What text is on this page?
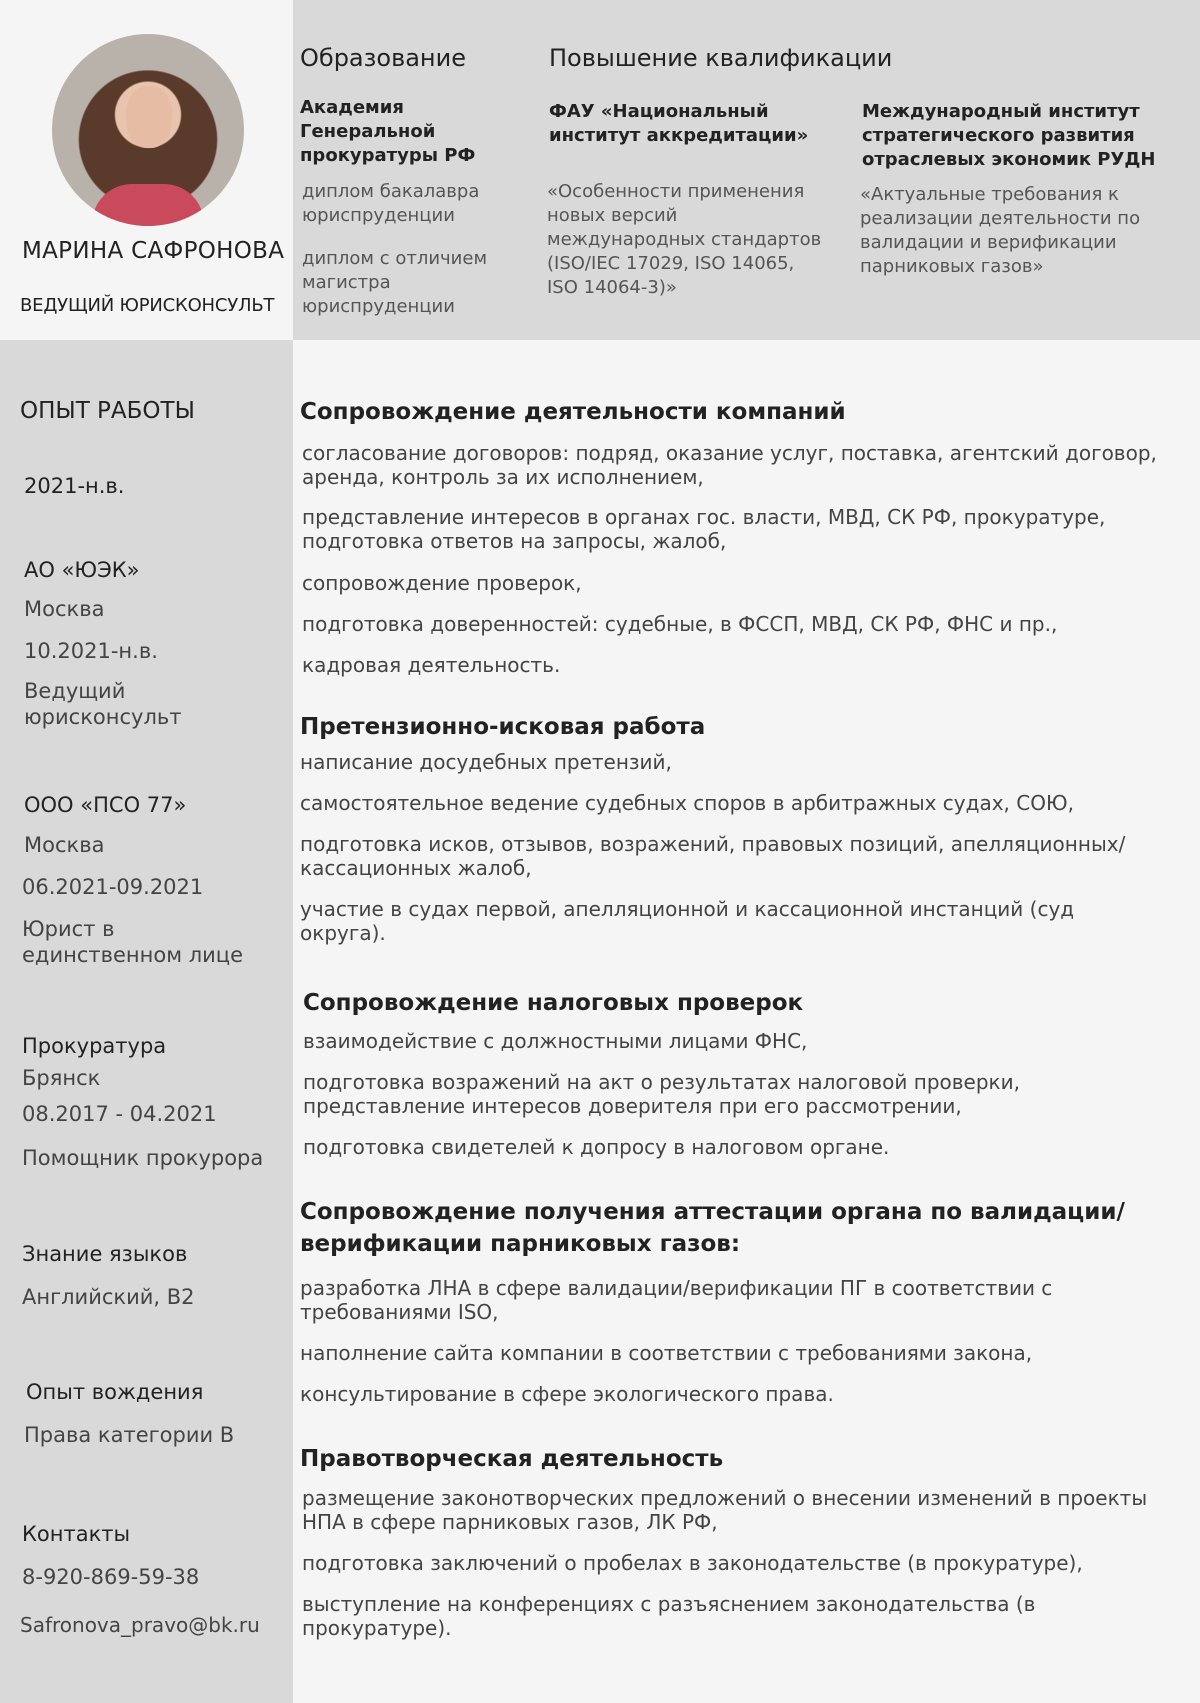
МАРИНА САФРОНОВА
ВЕДУЩИЙ ЮРИСКОНСУЛЬТ
Образование
Академия Генеральной прокуратуры РФ
диплом бакалавра юриспруденции
диплом с отличием магистра юриспруденции
Повышение квалификации
ФАУ «Национальный институт аккредитации»
«Особенности применения новых версий международных стандартов (ISO/IEC 17029, ISO 14065, ISO 14064-3)»
Международный институт стратегического развития отраслевых экономик РУДН
«Актуальные требования к реализации деятельности по валидации и верификации парниковых газов»
ОПЫТ РАБОТЫ
2021-н.в.
АО «ЮЭК»
Москва
10.2021-н.в.
Ведущий юрисконсульт
ООО «ПСО 77»
Москва
06.2021-09.2021
Юрист в единственном лице
Прокуратура
Брянск
08.2017 - 04.2021
Помощник прокурора
Знание языков
Английский, В2
Опыт вождения
Права категории В
Контакты
8-920-869-59-38
Safronova_pravo@bk.ru
Сопровождение деятельности компаний
согласование договоров: подряд, оказание услуг, поставка, агентский договор, аренда, контроль за их исполнением,
представление интересов в органах гос. власти, МВД, СК РФ, прокуратуре, подготовка ответов на запросы, жалоб,
сопровождение проверок,
подготовка доверенностей: судебные, в ФССП, МВД, СК РФ, ФНС и пр.,
кадровая деятельность.
Претензионно-исковая работа
написание досудебных претензий,
самостоятельное ведение судебных споров в арбитражных судах, СОЮ,
подготовка исков, отзывов, возражений, правовых позиций, апелляционных/кассационных жалоб,
участие в судах первой, апелляционной и кассационной инстанций (суд округа).
Сопровождение налоговых проверок
взаимодействие с должностными лицами ФНС,
подготовка возражений на акт о результатах налоговой проверки, представление интересов доверителя при его рассмотрении,
подготовка свидетелей к допросу в налоговом органе.
Сопровождение получения аттестации органа по валидации/ верификации парниковых газов:
разработка ЛНА в сфере валидации/верификации ПГ в соответствии с требованиями ISO,
наполнение сайта компании в соответствии с требованиями закона,
консультирование в сфере экологического права.
Правотворческая деятельность
размещение законотворческих предложений о внесении изменений в проекты НПА в сфере парниковых газов, ЛК РФ,
подготовка заключений о пробелах в законодательстве (в прокуратуре),
выступление на конференциях с разъяснением законодательства (в прокуратуре).
